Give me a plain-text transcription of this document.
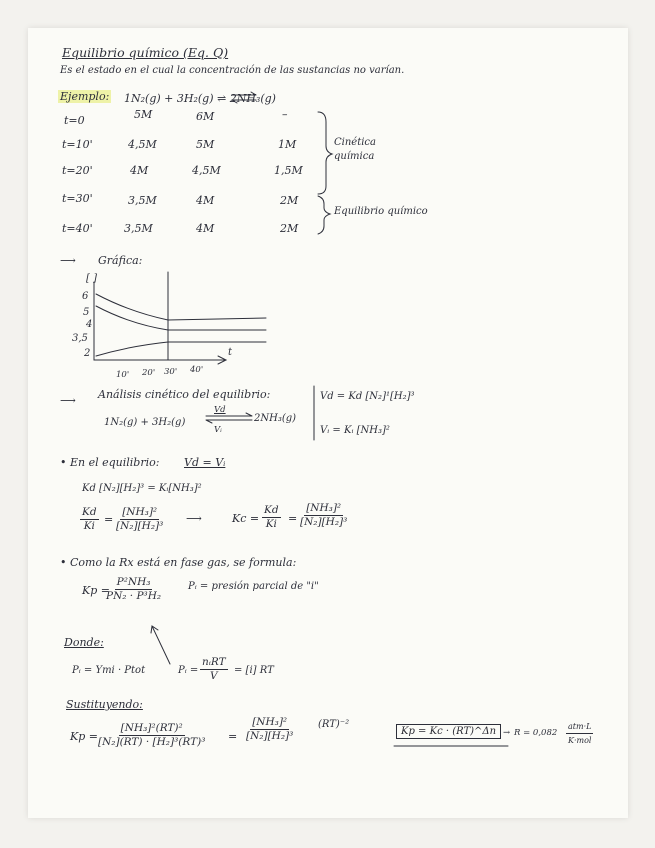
Equilibrio químico (Eq. Q)
Es el estado en el cual la concentración de las sustancias no varían.
Ejemplo: 1N₂(g) + 3H₂(g) ⇌ 2NH₃(g)
t=0	5M	6M	–
t=10'	4,5M	5M	1M
t=20'	4M	4,5M	1,5M
t=30'	3,5M	4M	2M
t=40'	3,5M	4M	2M
Cinética química
Equilibrio químico
⟶ Gráfica:
[ ]
6
5
4
3,5
2	t
10' 20' 30' 40'
⟶ Análisis cinético del equilibrio:
1N₂(g) + 3H₂(g)
Vd
Vᵢ
2NH₃(g)
Vd = Kd [N₂]¹[H₂]³
Vᵢ = Kᵢ [NH₃]²
• En el equilibrio: Vd = Vᵢ
Kd [N₂][H₂]³ = Kᵢ[NH₃]²
$\frac{Kd}{Ki} = \frac{\text{[NH₃]²}}{\text{[N₂][H₂]³}}$ ⟶	$Kc = \frac{Kd}{Ki} = \frac{\text{[NH₃]²}}{\text{[N₂][H₂]³}}$
• Como la Rx está en fase gas, se formula:
Kp =
$\frac{\text{P²NH₃}}{\text{PN₂ · P³H₂}}$ Pᵢ = presión parcial de "i"
Donde:
Pᵢ = Ymi · Ptot	Pᵢ =
nᵢRT
V = [i] RT
Sustituyendo:
Kp =
$\frac{\text{[NH₃]²(RT)²}}{\text{[N₂](RT) · [H₂]³(RT)³}} = \frac{\text{[NH₃]²}}{\text{[N₂][H₂]³}} (RT)^{-2}$
Kp = Kc · (RT)^Δn → R = 0,082
atm·L
K·mol
